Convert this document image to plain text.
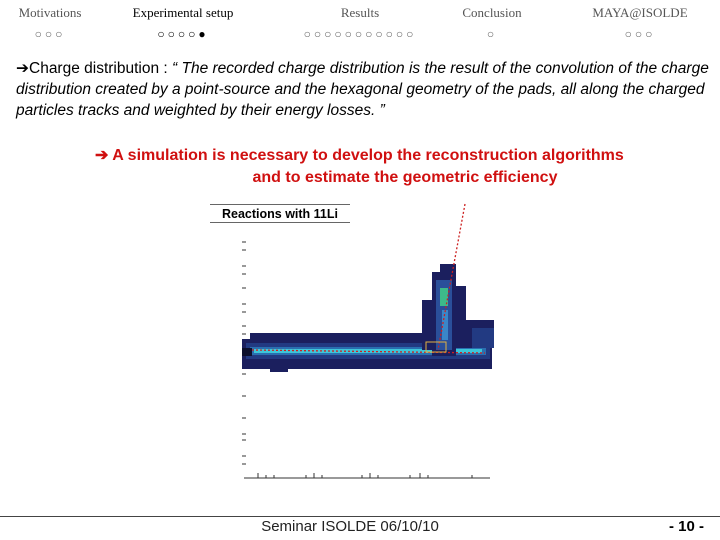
Motivations
○○○
Experimental setup
○○○○●
Results
○○○○○○○○○○○
Conclusion
○
MAYA@ISOLDE
○○○
➔Charge distribution : “ The recorded charge distribution is the result of the convolution of the charge distribution created by a point-source and the hexagonal geometry of the pads, all along the charged particles tracks and weighted by their energy losses. ”
➔ A simulation is necessary to develop the reconstruction algorithms
and to estimate the geometric efficiency
Reactions with 11Li
Seminar ISOLDE 06/10/10	- 10 -
